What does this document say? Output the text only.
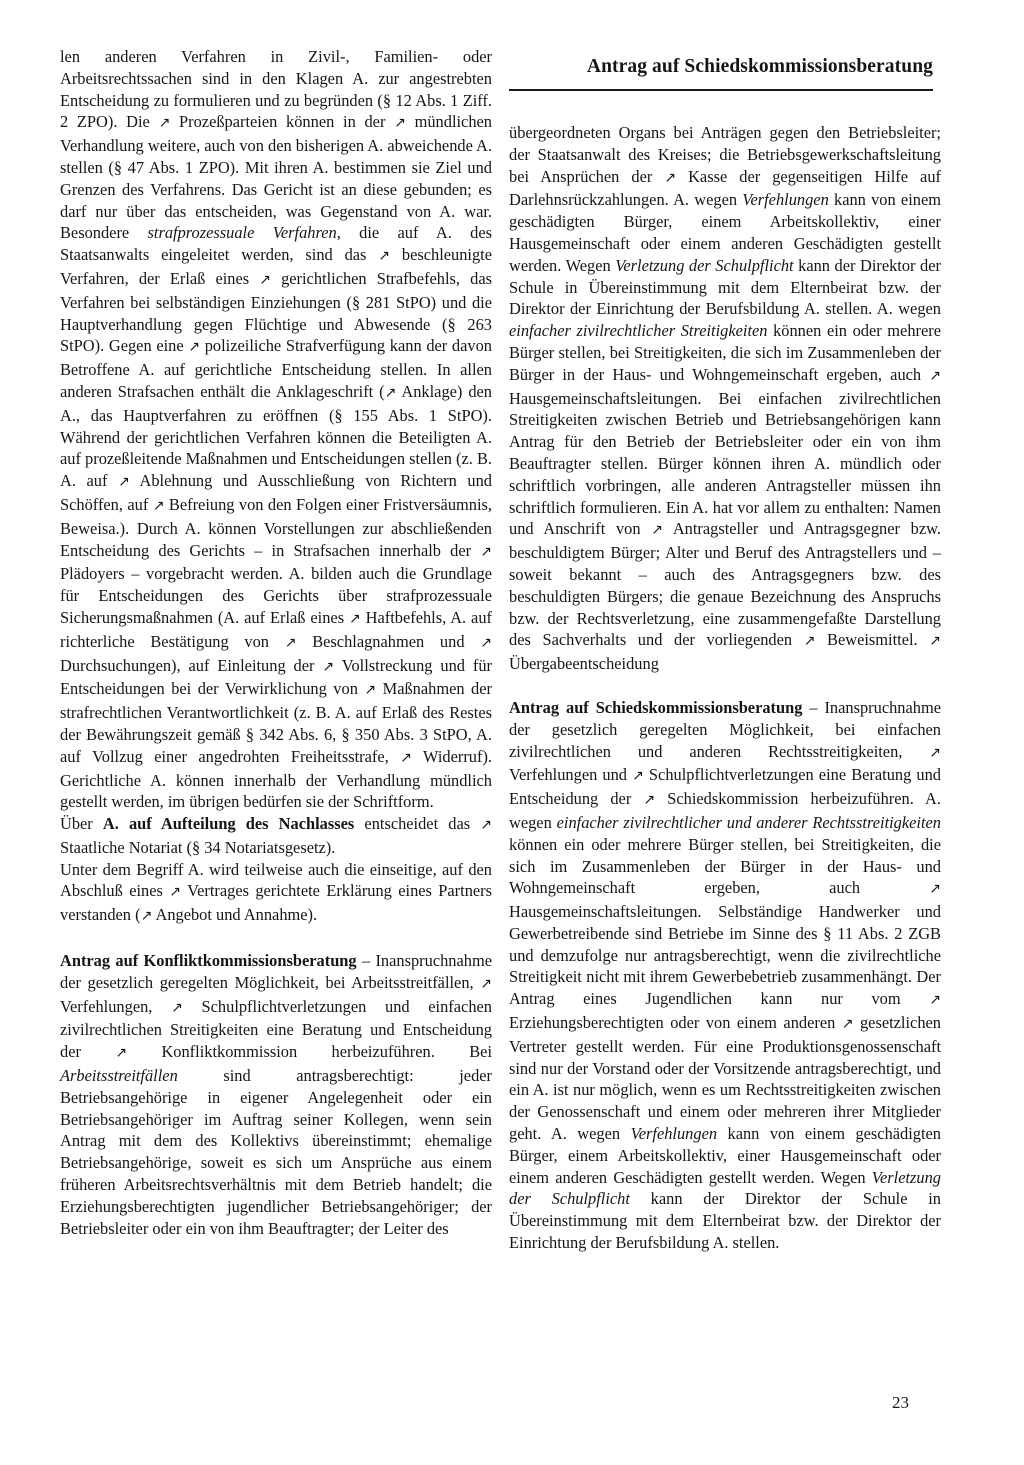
Antrag auf Schiedskommissionsberatung

len anderen Verfahren in Zivil-, Familien- oder Arbeitsrechtssachen sind in den Klagen A. zur angestrebten Entscheidung zu formulieren und zu begründen (§ 12 Abs. 1 Ziff. 2 ZPO). Die ↗ Prozeßparteien können in der ↗ mündlichen Verhandlung weitere, auch von den bisherigen A. abweichende A. stellen (§ 47 Abs. 1 ZPO). Mit ihren A. bestimmen sie Ziel und Grenzen des Verfahrens. Das Gericht ist an diese gebunden; es darf nur über das entscheiden, was Gegenstand von A. war. Besondere strafprozessuale Verfahren, die auf A. des Staatsanwalts eingeleitet werden, sind das ↗ beschleunigte Verfahren, der Erlaß eines ↗ gerichtlichen Strafbefehls, das Verfahren bei selbständigen Einziehungen (§ 281 StPO) und die Hauptverhandlung gegen Flüchtige und Abwesende (§ 263 StPO). Gegen eine ↗ polizeiliche Strafverfügung kann der davon Betroffene A. auf gerichtliche Entscheidung stellen. In allen anderen Strafsachen enthält die Anklageschrift (↗ Anklage) den A., das Hauptverfahren zu eröffnen (§ 155 Abs. 1 StPO). Während der gerichtlichen Verfahren können die Beteiligten A. auf prozeßleitende Maßnahmen und Entscheidungen stellen (z. B. A. auf ↗ Ablehnung und Ausschließung von Richtern und Schöffen, auf ↗ Befreiung von den Folgen einer Fristversäumnis, Beweisa.). Durch A. können Vorstellungen zur abschließenden Entscheidung des Gerichts – in Strafsachen innerhalb der ↗ Plädoyers – vorgebracht werden. A. bilden auch die Grundlage für Entscheidungen des Gerichts über strafprozessuale Sicherungsmaßnahmen (A. auf Erlaß eines ↗ Haftbefehls, A. auf richterliche Bestätigung von ↗ Beschlagnahmen und ↗ Durchsuchungen), auf Einleitung der ↗ Vollstreckung und für Entscheidungen bei der Verwirklichung von ↗ Maßnahmen der strafrechtlichen Verantwortlichkeit (z. B. A. auf Erlaß des Restes der Bewährungszeit gemäß § 342 Abs. 6, § 350 Abs. 3 StPO, A. auf Vollzug einer angedrohten Freiheitsstrafe, ↗ Widerruf). Gerichtliche A. können innerhalb der Verhandlung mündlich gestellt werden, im übrigen bedürfen sie der Schriftform.

Über A. auf Aufteilung des Nachlasses entscheidet das ↗ Staatliche Notariat (§ 34 Notariatsgesetz).

Unter dem Begriff A. wird teilweise auch die einseitige, auf den Abschluß eines ↗ Vertrages gerichtete Erklärung eines Partners verstanden (↗ Angebot und Annahme).

Antrag auf Konfliktkommissionsberatung – Inanspruchnahme der gesetzlich geregelten Möglichkeit, bei Arbeitsstreitfällen, ↗ Verfehlungen, ↗ Schulpflichtverletzungen und einfachen zivilrechtlichen Streitigkeiten eine Beratung und Entscheidung der ↗ Konfliktkommission herbeizuführen. Bei Arbeitsstreitfällen sind antragsberechtigt: jeder Betriebsangehörige in eigener Angelegenheit oder ein Betriebsangehöriger im Auftrag seiner Kollegen, wenn sein Antrag mit dem des Kollektivs übereinstimmt; ehemalige Betriebsangehörige, soweit es sich um Ansprüche aus einem früheren Arbeitsrechtsverhältnis mit dem Betrieb handelt; die Erziehungsberechtigten jugendlicher Betriebsangehöriger; der Betriebsleiter oder ein von ihm Beauftragter; der Leiter des

übergeordneten Organs bei Anträgen gegen den Betriebsleiter; der Staatsanwalt des Kreises; die Betriebsgewerkschaftsleitung bei Ansprüchen der ↗ Kasse der gegenseitigen Hilfe auf Darlehnsrückzahlungen. A. wegen Verfehlungen kann von einem geschädigten Bürger, einem Arbeitskollektiv, einer Hausgemeinschaft oder einem anderen Geschädigten gestellt werden. Wegen Verletzung der Schulpflicht kann der Direktor der Schule in Übereinstimmung mit dem Elternbeirat bzw. der Direktor der Einrichtung der Berufsbildung A. stellen. A. wegen einfacher zivilrechtlicher Streitigkeiten können ein oder mehrere Bürger stellen, bei Streitigkeiten, die sich im Zusammenleben der Bürger in der Haus- und Wohngemeinschaft ergeben, auch ↗ Hausgemeinschaftsleitungen. Bei einfachen zivilrechtlichen Streitigkeiten zwischen Betrieb und Betriebsangehörigen kann Antrag für den Betrieb der Betriebsleiter oder ein von ihm Beauftragter stellen. Bürger können ihren A. mündlich oder schriftlich vorbringen, alle anderen Antragsteller müssen ihn schriftlich formulieren. Ein A. hat vor allem zu enthalten: Namen und Anschrift von ↗ Antragsteller und Antragsgegner bzw. beschuldigtem Bürger; Alter und Beruf des Antragstellers und – soweit bekannt – auch des Antragsgegners bzw. des beschuldigten Bürgers; die genaue Bezeichnung des Anspruchs bzw. der Rechtsverletzung, eine zusammengefaßte Darstellung des Sachverhalts und der vorliegenden ↗ Beweismittel. ↗ Übergabeentscheidung

Antrag auf Schiedskommissionsberatung – Inanspruchnahme der gesetzlich geregelten Möglichkeit, bei einfachen zivilrechtlichen und anderen Rechtsstreitigkeiten, ↗ Verfehlungen und ↗ Schulpflichtverletzungen eine Beratung und Entscheidung der ↗ Schiedskommission herbeizuführen. A. wegen einfacher zivilrechtlicher und anderer Rechtsstreitigkeiten können ein oder mehrere Bürger stellen, bei Streitigkeiten, die sich im Zusammenleben der Bürger in der Haus- und Wohngemeinschaft ergeben, auch ↗ Hausgemeinschaftsleitungen. Selbständige Handwerker und Gewerbetreibende sind Betriebe im Sinne des § 11 Abs. 2 ZGB und demzufolge nur antragsberechtigt, wenn die zivilrechtliche Streitigkeit nicht mit ihrem Gewerbebetrieb zusammenhängt. Der Antrag eines Jugendlichen kann nur vom ↗ Erziehungsberechtigten oder von einem anderen ↗ gesetzlichen Vertreter gestellt werden. Für eine Produktionsgenossenschaft sind nur der Vorstand oder der Vorsitzende antragsberechtigt, und ein A. ist nur möglich, wenn es um Rechtsstreitigkeiten zwischen der Genossenschaft und einem oder mehreren ihrer Mitglieder geht. A. wegen Verfehlungen kann von einem geschädigten Bürger, einem Arbeitskollektiv, einer Hausgemeinschaft oder einem anderen Geschädigten gestellt werden. Wegen Verletzung der Schulpflicht kann der Direktor der Schule in Übereinstimmung mit dem Elternbeirat bzw. der Direktor der Einrichtung der Berufsbildung A. stellen.

23
